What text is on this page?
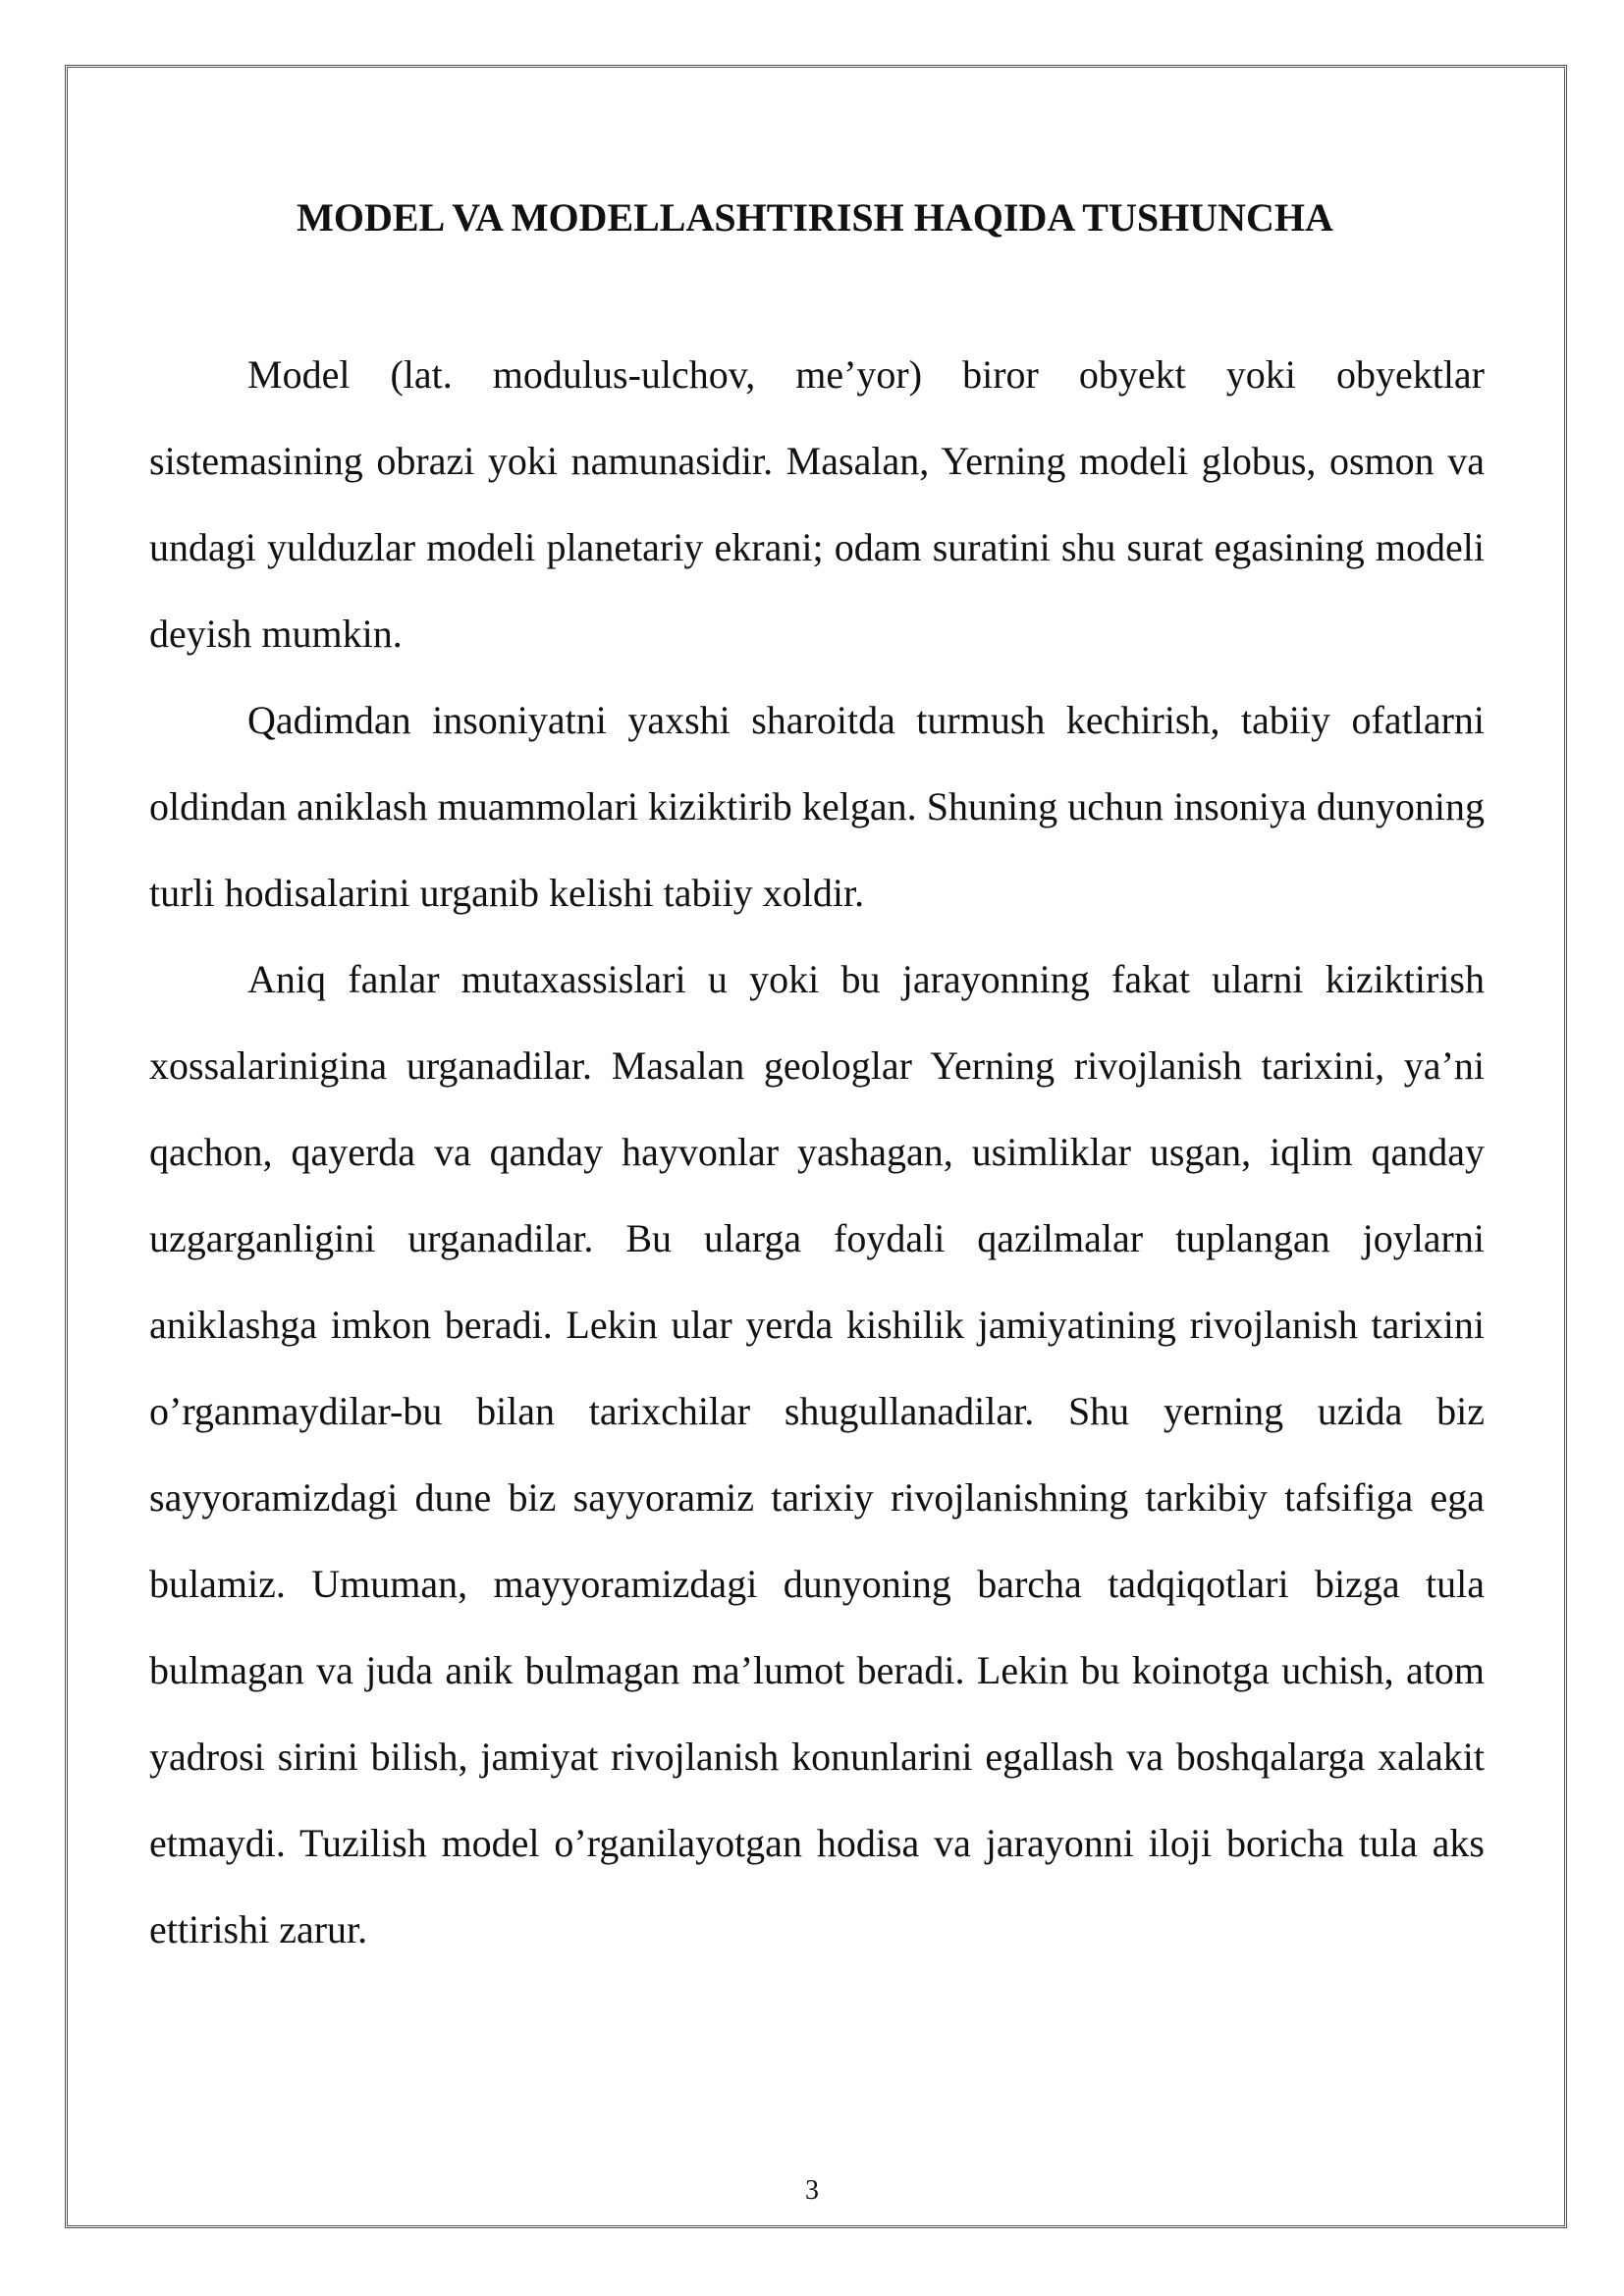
MODEL VA MODELLASHTIRISH HAQIDA TUSHUNCHA

Model (lat. modulus-ulchov, me’yor) biror obyekt yoki obyektlar sistemasining obrazi yoki namunasidir. Masalan, Yerning modeli globus, osmon va undagi yulduzlar modeli planetariy ekrani; odam suratini shu surat egasining modeli deyish mumkin.

Qadimdan insoniyatni yaxshi sharoitda turmush kechirish, tabiiy ofatlarni oldindan aniklash muammolari kiziktirib kelgan. Shuning uchun insoniya dunyoning turli hodisalarini urganib kelishi tabiiy xoldir.

Aniq fanlar mutaxassislari u yoki bu jarayonning fakat ularni kiziktirish xossalarinigina urganadilar. Masalan geologlar Yerning rivojlanish tarixini, ya’ni qachon, qayerda va qanday hayvonlar yashagan, usimliklar usgan, iqlim qanday uzgarganligini urganadilar. Bu ularga foydali qazilmalar tuplangan joylarni aniklashga imkon beradi. Lekin ular yerda kishilik jamiyatining rivojlanish tarixini o’rganmaydilar-bu bilan tarixchilar shugullanadilar. Shu yerning uzida biz sayyoramizdagi dune biz sayyoramiz tarixiy rivojlanishning tarkibiy tafsifiga ega bulamiz. Umuman, mayyoramizdagi dunyoning barcha tadqiqotlari bizga tula bulmagan va juda anik bulmagan ma’lumot beradi. Lekin bu koinotga uchish, atom yadrosi sirini bilish, jamiyat rivojlanish konunlarini egallash va boshqalarga xalakit etmaydi. Tuzilish model o’rganilayotgan hodisa va jarayonni iloji boricha tula aks ettirishi zarur.

3
